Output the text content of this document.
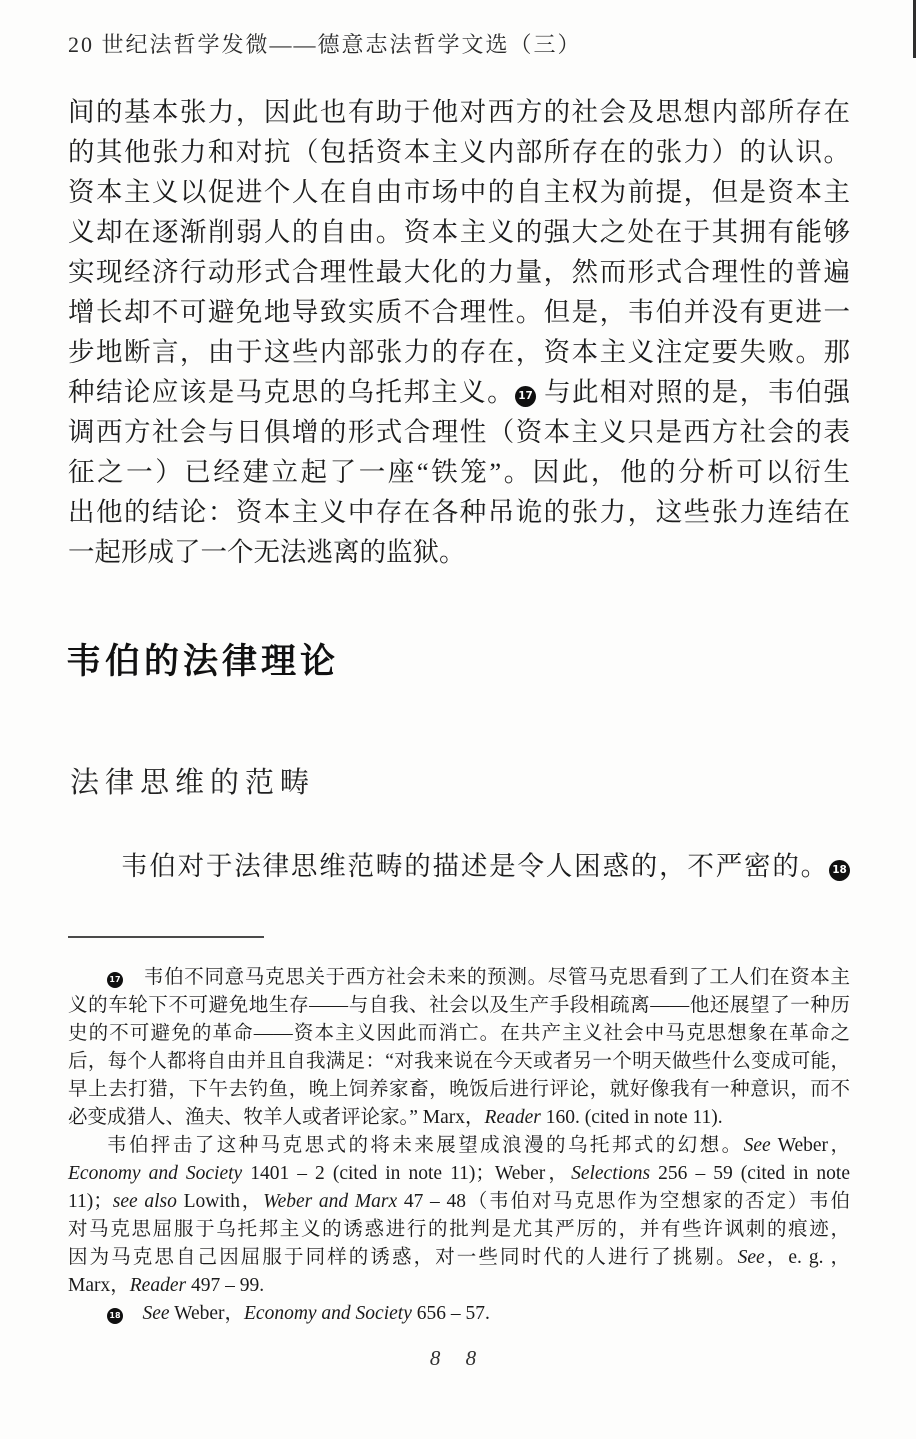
20 世纪法哲学发微——德意志法哲学文选（三）
间的基本张力，因此也有助于他对西方的社会及思想内部所存在
的其他张力和对抗（包括资本主义内部所存在的张力）的认识。
资本主义以促进个人在自由市场中的自主权为前提，但是资本主
义却在逐渐削弱人的自由。资本主义的强大之处在于其拥有能够
实现经济行动形式合理性最大化的力量，然而形式合理性的普遍
增长却不可避免地导致实质不合理性。但是，韦伯并没有更进一
步地断言，由于这些内部张力的存在，资本主义注定要失败。那
种结论应该是马克思的乌托邦主义。 17 与此相对照的是，韦伯强
调西方社会与日俱增的形式合理性（资本主义只是西方社会的表
征之一）已经建立起了一座“铁笼”。因此，他的分析可以衍生
出他的结论：资本主义中存在各种吊诡的张力，这些张力连结在
一起形成了一个无法逃离的监狱。
韦伯的法律理论
法律思维的范畴
韦伯对于法律思维范畴的描述是令人困惑的，不严密的。 18
17　韦伯不同意马克思关于西方社会未来的预测。尽管马克思看到了工人们在资本主
义的车轮下不可避免地生存——与自我、社会以及生产手段相疏离——他还展望了一种历
史的不可避免的革命——资本主义因此而消亡。在共产主义社会中马克思想象在革命之
后，每个人都将自由并且自我满足：“对我来说在今天或者另一个明天做些什么变成可能，
早上去打猎，下午去钓鱼，晚上饲养家畜，晚饭后进行评论，就好像我有一种意识，而不
必变成猎人、渔夫、牧羊人或者评论家。” Marx，Reader 160. (cited in note 11).
韦伯抨击了这种马克思式的将未来展望成浪漫的乌托邦式的幻想。See Weber，
Economy and Society 1401 – 2 (cited in note 11)；Weber，Selections 256 – 59 (cited in note
11)；see also Lowith，Weber and Marx 47 – 48（韦伯对马克思作为空想家的否定）韦伯
对马克思屈服于乌托邦主义的诱惑进行的批判是尤其严厉的，并有些许讽刺的痕迹，
因为马克思自己因屈服于同样的诱惑，对一些同时代的人进行了挑剔。See，e. g. ，
Marx，Reader 497 – 99.
18　 See Weber，Economy and Society 656 – 57.
8 8
